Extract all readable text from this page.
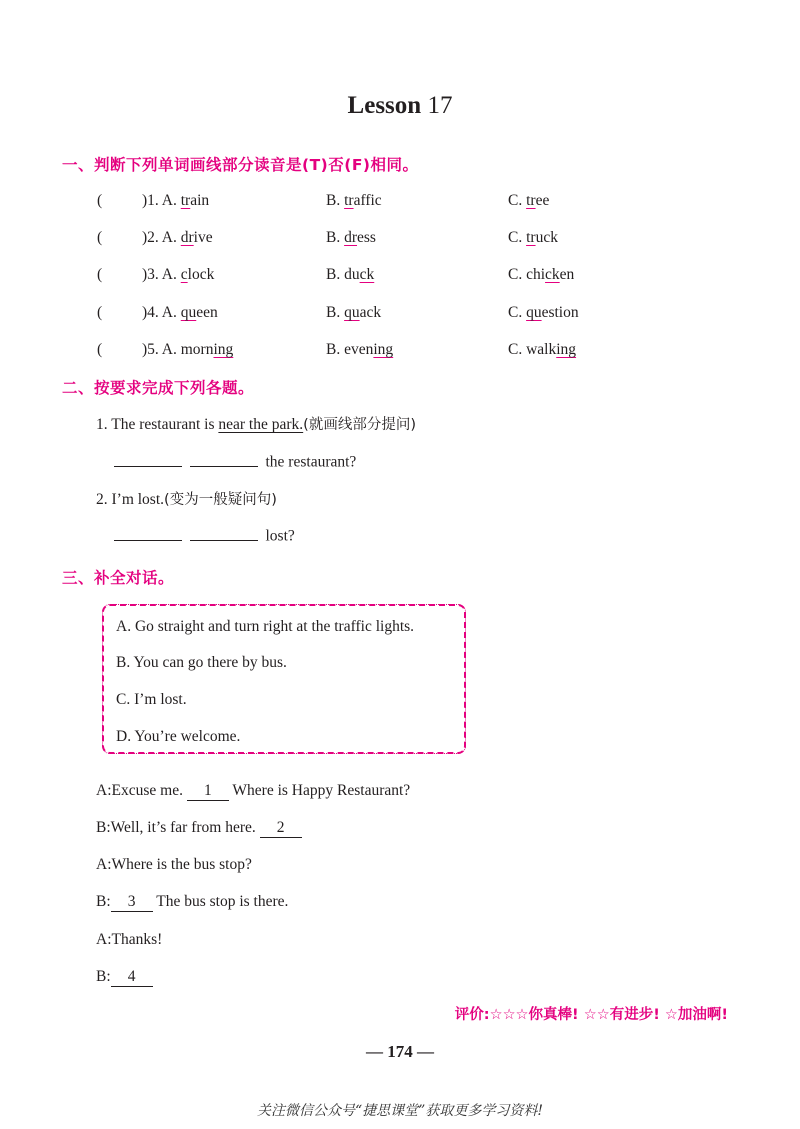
Lesson 17
一、判断下列单词画线部分读音是(T)否(F)相同。
(	)1. A. train	B. traffic	C. tree
(	)2. A. drive	B. dress	C. truck
(	)3. A. clock	B. duck	C. chicken
(	)4. A. queen	B. quack	C. question
(	)5. A. morning	B. evening	C. walking
二、按要求完成下列各题。
1. The restaurant is near the park.(就画线部分提问)
the restaurant?
2. I’m lost.(变为一般疑问句)
lost?
三、补全对话。
A. Go straight and turn right at the traffic lights.
B. You can go there by bus.
C. I’m lost.
D. You’re welcome.
A:Excuse me. 1 Where is Happy Restaurant?
B:Well, it’s far from here. 2
A:Where is the bus stop?
B: 3 The bus stop is there.
A:Thanks!
B: 4
评价:☆☆☆你真棒! ☆☆有进步! ☆加油啊!
— 174 —
关注微信公众号“捷思课堂”获取更多学习资料!
